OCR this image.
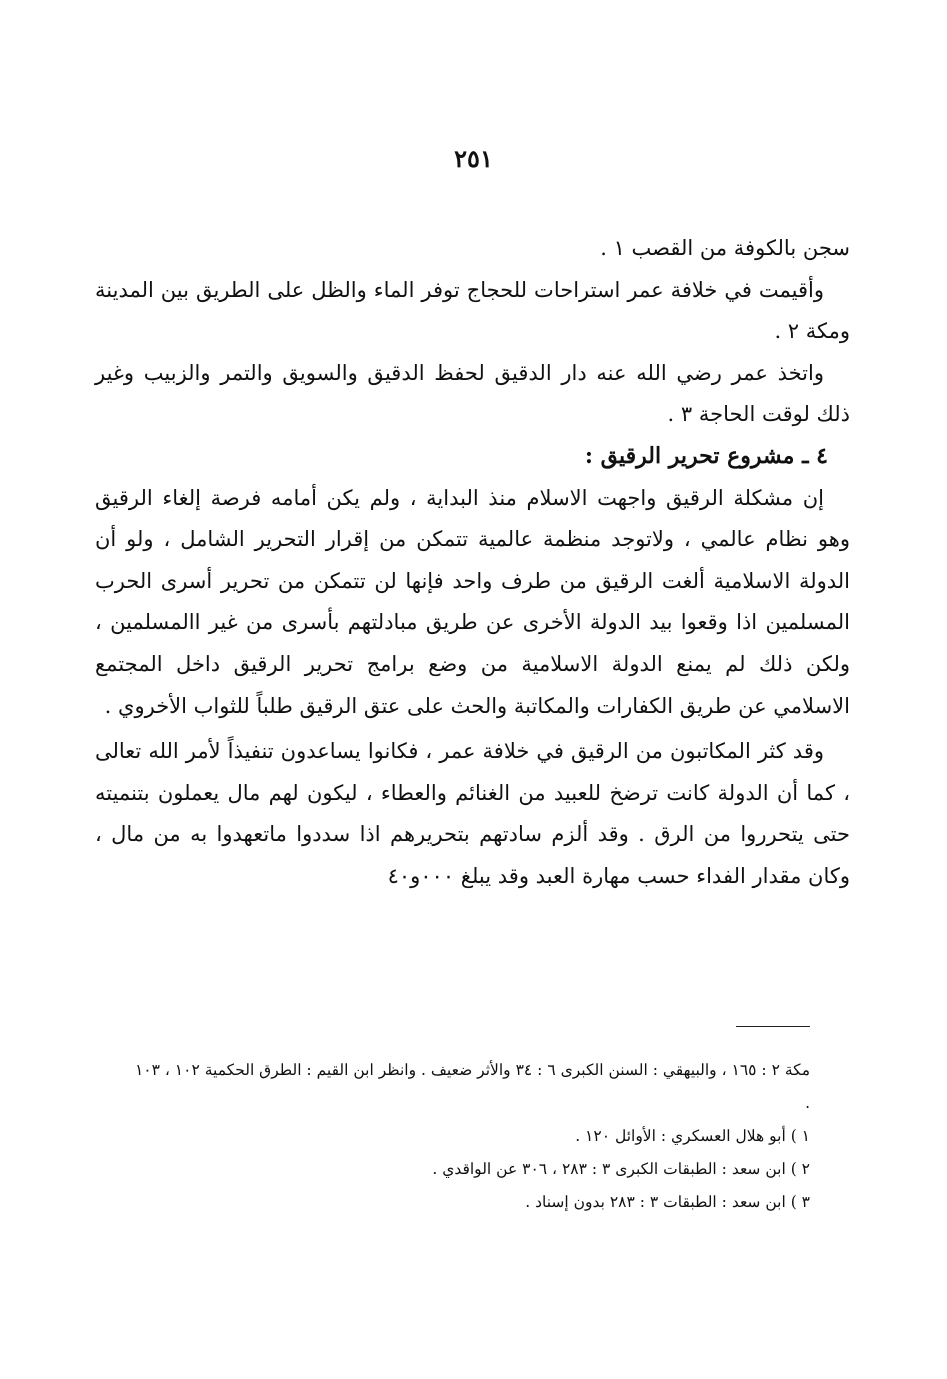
٢٥١

سجن بالكوفة من القصب ١ .

وأقيمت في خلافة عمر استراحات للحجاج توفر الماء والظل على الطريق بين المدينة ومكة ٢ .

واتخذ عمر رضي الله عنه دار الدقيق لحفظ الدقيق والسويق والتمر والزبيب وغير ذلك لوقت الحاجة ٣ .

٤ ـ مشروع تحرير الرقيق :

إن مشكلة الرقيق واجهت الاسلام منذ البداية ، ولم يكن أمامه فرصة إلغاء الرقيق وهو نظام عالمي ، ولاتوجد منظمة عالمية تتمكن من إقرار التحرير الشامل ، ولو أن الدولة الاسلامية ألغت الرقيق من طرف واحد فإنها لن تتمكن من تحرير أسرى الحرب المسلمين اذا وقعوا بيد الدولة الأخرى عن طريق مبادلتهم بأسرى من غير االمسلمين ، ولكن ذلك لم يمنع الدولة الاسلامية من وضع برامج تحرير الرقيق داخل المجتمع الاسلامي عن طريق الكفارات والمكاتبة والحث على عتق الرقيق طلباً للثواب الأخروي .

وقد كثر المكاتبون من الرقيق في خلافة عمر ، فكانوا يساعدون تنفيذاً لأمر الله تعالى ، كما أن الدولة كانت ترضخ للعبيد من الغنائم والعطاء ، ليكون لهم مال يعملون بتنميته حتى يتحرروا من الرق . وقد ألزم سادتهم بتحريرهم اذا سددوا ماتعهدوا به من مال ، وكان مقدار الفداء حسب مهارة العبد وقد يبلغ ٠٠٠و٤٠

مكة ٢ : ١٦٥ ، والبيهقي : السنن الكبرى ٦ : ٣٤ والأثر ضعيف . وانظر ابن القيم : الطرق الحكمية ١٠٢ ، ١٠٣ .

١ ) أبو هلال العسكري : الأوائل ١٢٠ .

٢ ) ابن سعد : الطبقات الكبرى ٣ : ٢٨٣ ، ٣٠٦ عن الواقدي .

٣ ) ابن سعد : الطبقات ٣ : ٢٨٣ بدون إسناد .
